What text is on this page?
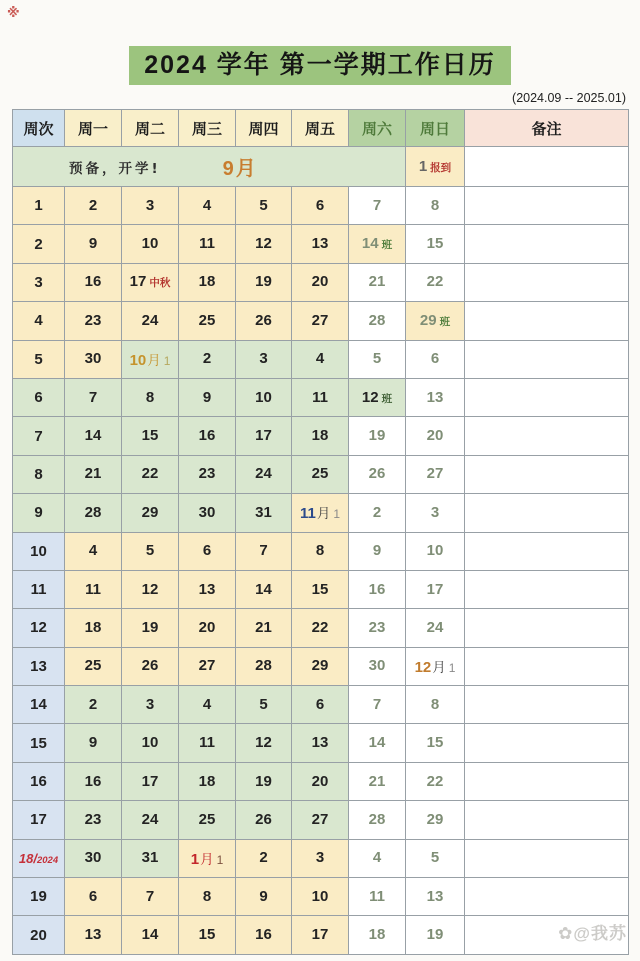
※
2024 学年 第一学期工作日历
(2024.09 -- 2025.01)
周次	周一	周二	周三	周四	周五	周六	周日	备注

预备，开学! 9月							1 报到	
1	2	3	4	5	6	7	8	
2	9	10	11	12	13	14 班	15	
3	16	17 中秋	18	19	20	21	22	
4	23	24	25	26	27	28	29 班	
5	30	10月 1	2	3	4	5	6	
6	7	8	9	10	11	12 班	13	
7	14	15	16	17	18	19	20	
8	21	22	23	24	25	26	27	
9	28	29	30	31	11月 1	2	3	
10	4	5	6	7	8	9	10	
11	11	12	13	14	15	16	17	
12	18	19	20	21	22	23	24	
13	25	26	27	28	29	30	12月 1	
14	2	3	4	5	6	7	8	
15	9	10	11	12	13	14	15	
16	16	17	18	19	20	21	22	
17	23	24	25	26	27	28	29	
18/2024	30	31	1月 1	2	3	4	5	
19	6	7	8	9	10	11	13	
20	13	14	15	16	17	18	19		✿@我苏
